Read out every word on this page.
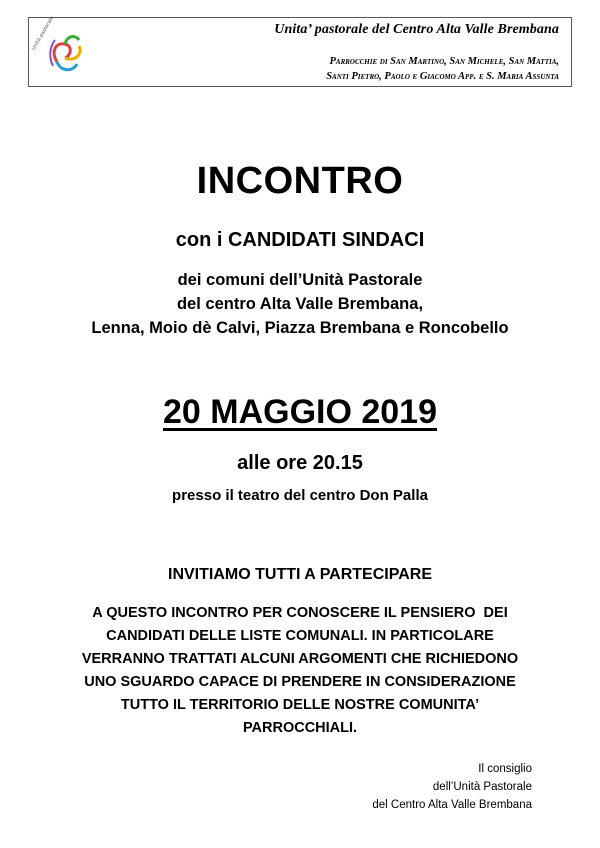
Unità pastorale	Unita’ pastorale del Centro Alta Valle Brembana
Parrocchie di San Martino, San Michele, San Mattia,
Santi Pietro, Paolo e Giacomo App. e S. Maria Assunta
INCONTRO
con i CANDIDATI SINDACI
dei comuni dell’Unità Pastorale
del centro Alta Valle Brembana,
Lenna, Moio dè Calvi, Piazza Brembana e Roncobello
20 MAGGIO 2019
alle ore 20.15
presso il teatro del centro Don Palla
INVITIAMO TUTTI A PARTECIPARE
A QUESTO INCONTRO PER CONOSCERE IL PENSIERO  DEI
CANDIDATI DELLE LISTE COMUNALI. IN PARTICOLARE
VERRANNO TRATTATI ALCUNI ARGOMENTI CHE RICHIEDONO
UNO SGUARDO CAPACE DI PRENDERE IN CONSIDERAZIONE
TUTTO IL TERRITORIO DELLE NOSTRE COMUNITA’
PARROCCHIALI.
Il consiglio
dell’Unità Pastorale
del Centro Alta Valle Brembana
